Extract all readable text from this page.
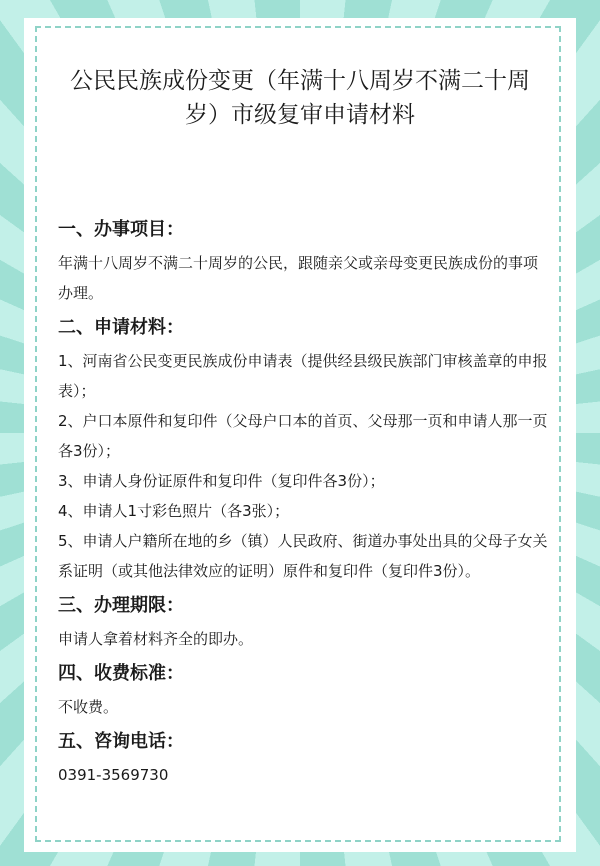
公民民族成份变更（年满十八周岁不满二十周岁）市级复审申请材料
一、办事项目：
年满十八周岁不满二十周岁的公民，跟随亲父或亲母变更民族成份的事项办理。
二、申请材料：
1、河南省公民变更民族成份申请表（提供经县级民族部门审核盖章的申报表）；
2、户口本原件和复印件（父母户口本的首页、父母那一页和申请人那一页各3份）；
3、申请人身份证原件和复印件（复印件各3份）；
4、申请人1寸彩色照片（各3张）；
5、申请人户籍所在地的乡（镇）人民政府、街道办事处出具的父母子女关系证明（或其他法律效应的证明）原件和复印件（复印件3份）。
三、办理期限：
申请人拿着材料齐全的即办。
四、收费标准：
不收费。
五、咨询电话：
0391-3569730
